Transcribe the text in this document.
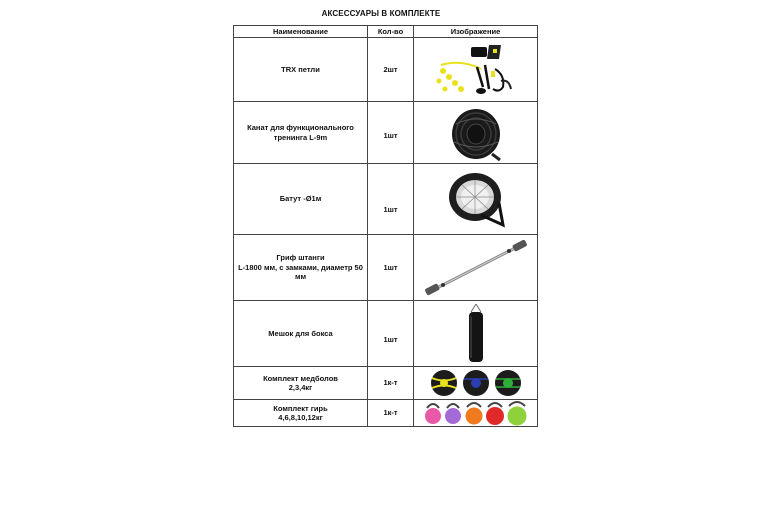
АКСЕССУАРЫ В КОМПЛЕКТЕ
Наименование	Кол-во	Изображение
TRX петли	2шт	

Канат для функционального
тренинга L-9m	1шт	

Батут -Ø1м	1шт	

Гриф штанги
L-1800 мм, с замками, диаметр 50
мм	1шт	

Мешок для бокса	1шт	

Комплект медболов
2,3,4кг	1к-т	

Комплект гирь
4,6,8,10,12кг	1к-т	
